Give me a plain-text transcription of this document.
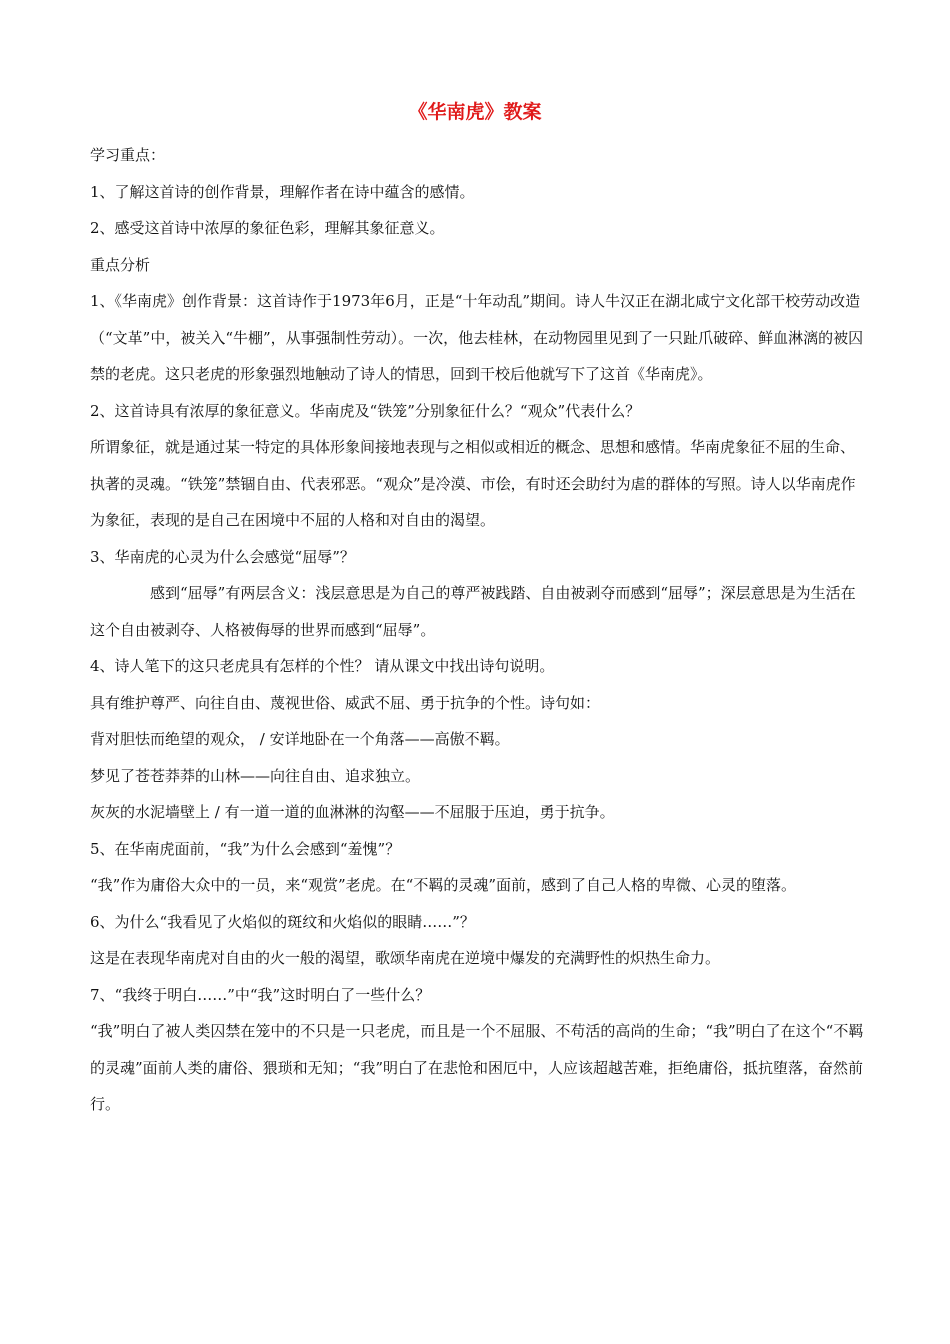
《华南虎》教案

学习重点：

1、了解这首诗的创作背景，理解作者在诗中蕴含的感情。

2、感受这首诗中浓厚的象征色彩，理解其象征意义。

重点分析

1、《华南虎》创作背景：这首诗作于1973年6月，正是“十年动乱”期间。诗人牛汉正在湖北咸宁文化部干校劳动改造（“文革”中，被关入“牛棚”，从事强制性劳动）。一次，他去桂林，在动物园里见到了一只趾爪破碎、鲜血淋漓的被囚禁的老虎。这只老虎的形象强烈地触动了诗人的情思，回到干校后他就写下了这首《华南虎》。

2、这首诗具有浓厚的象征意义。华南虎及“铁笼”分别象征什么？“观众”代表什么？

所谓象征，就是通过某一特定的具体形象间接地表现与之相似或相近的概念、思想和感情。华南虎象征不屈的生命、执著的灵魂。“铁笼”禁锢自由、代表邪恶。“观众”是冷漠、市侩，有时还会助纣为虐的群体的写照。诗人以华南虎作为象征，表现的是自己在困境中不屈的人格和对自由的渴望。

3、华南虎的心灵为什么会感觉“屈辱”？

感到“屈辱”有两层含义：浅层意思是为自己的尊严被践踏、自由被剥夺而感到“屈辱”；深层意思是为生活在这个自由被剥夺、人格被侮辱的世界而感到“屈辱”。

4、诗人笔下的这只老虎具有怎样的个性？ 请从课文中找出诗句说明。

具有维护尊严、向往自由、蔑视世俗、威武不屈、勇于抗争的个性。诗句如：

背对胆怯而绝望的观众， / 安详地卧在一个角落——高傲不羁。

梦见了苍苍莽莽的山林——向往自由、追求独立。

灰灰的水泥墙壁上 / 有一道一道的血淋淋的沟壑——不屈服于压迫，勇于抗争。

5、在华南虎面前，“我”为什么会感到“羞愧”？

“我”作为庸俗大众中的一员，来“观赏”老虎。在“不羁的灵魂”面前，感到了自己人格的卑微、心灵的堕落。

6、为什么“我看见了火焰似的斑纹和火焰似的眼睛……”？

这是在表现华南虎对自由的火一般的渴望，歌颂华南虎在逆境中爆发的充满野性的炽热生命力。

7、“我终于明白……”中“我”这时明白了一些什么？

“我”明白了被人类囚禁在笼中的不只是一只老虎，而且是一个不屈服、不苟活的高尚的生命；“我”明白了在这个“不羁的灵魂”面前人类的庸俗、猥琐和无知；“我”明白了在悲怆和困厄中，人应该超越苦难，拒绝庸俗，抵抗堕落，奋然前行。
